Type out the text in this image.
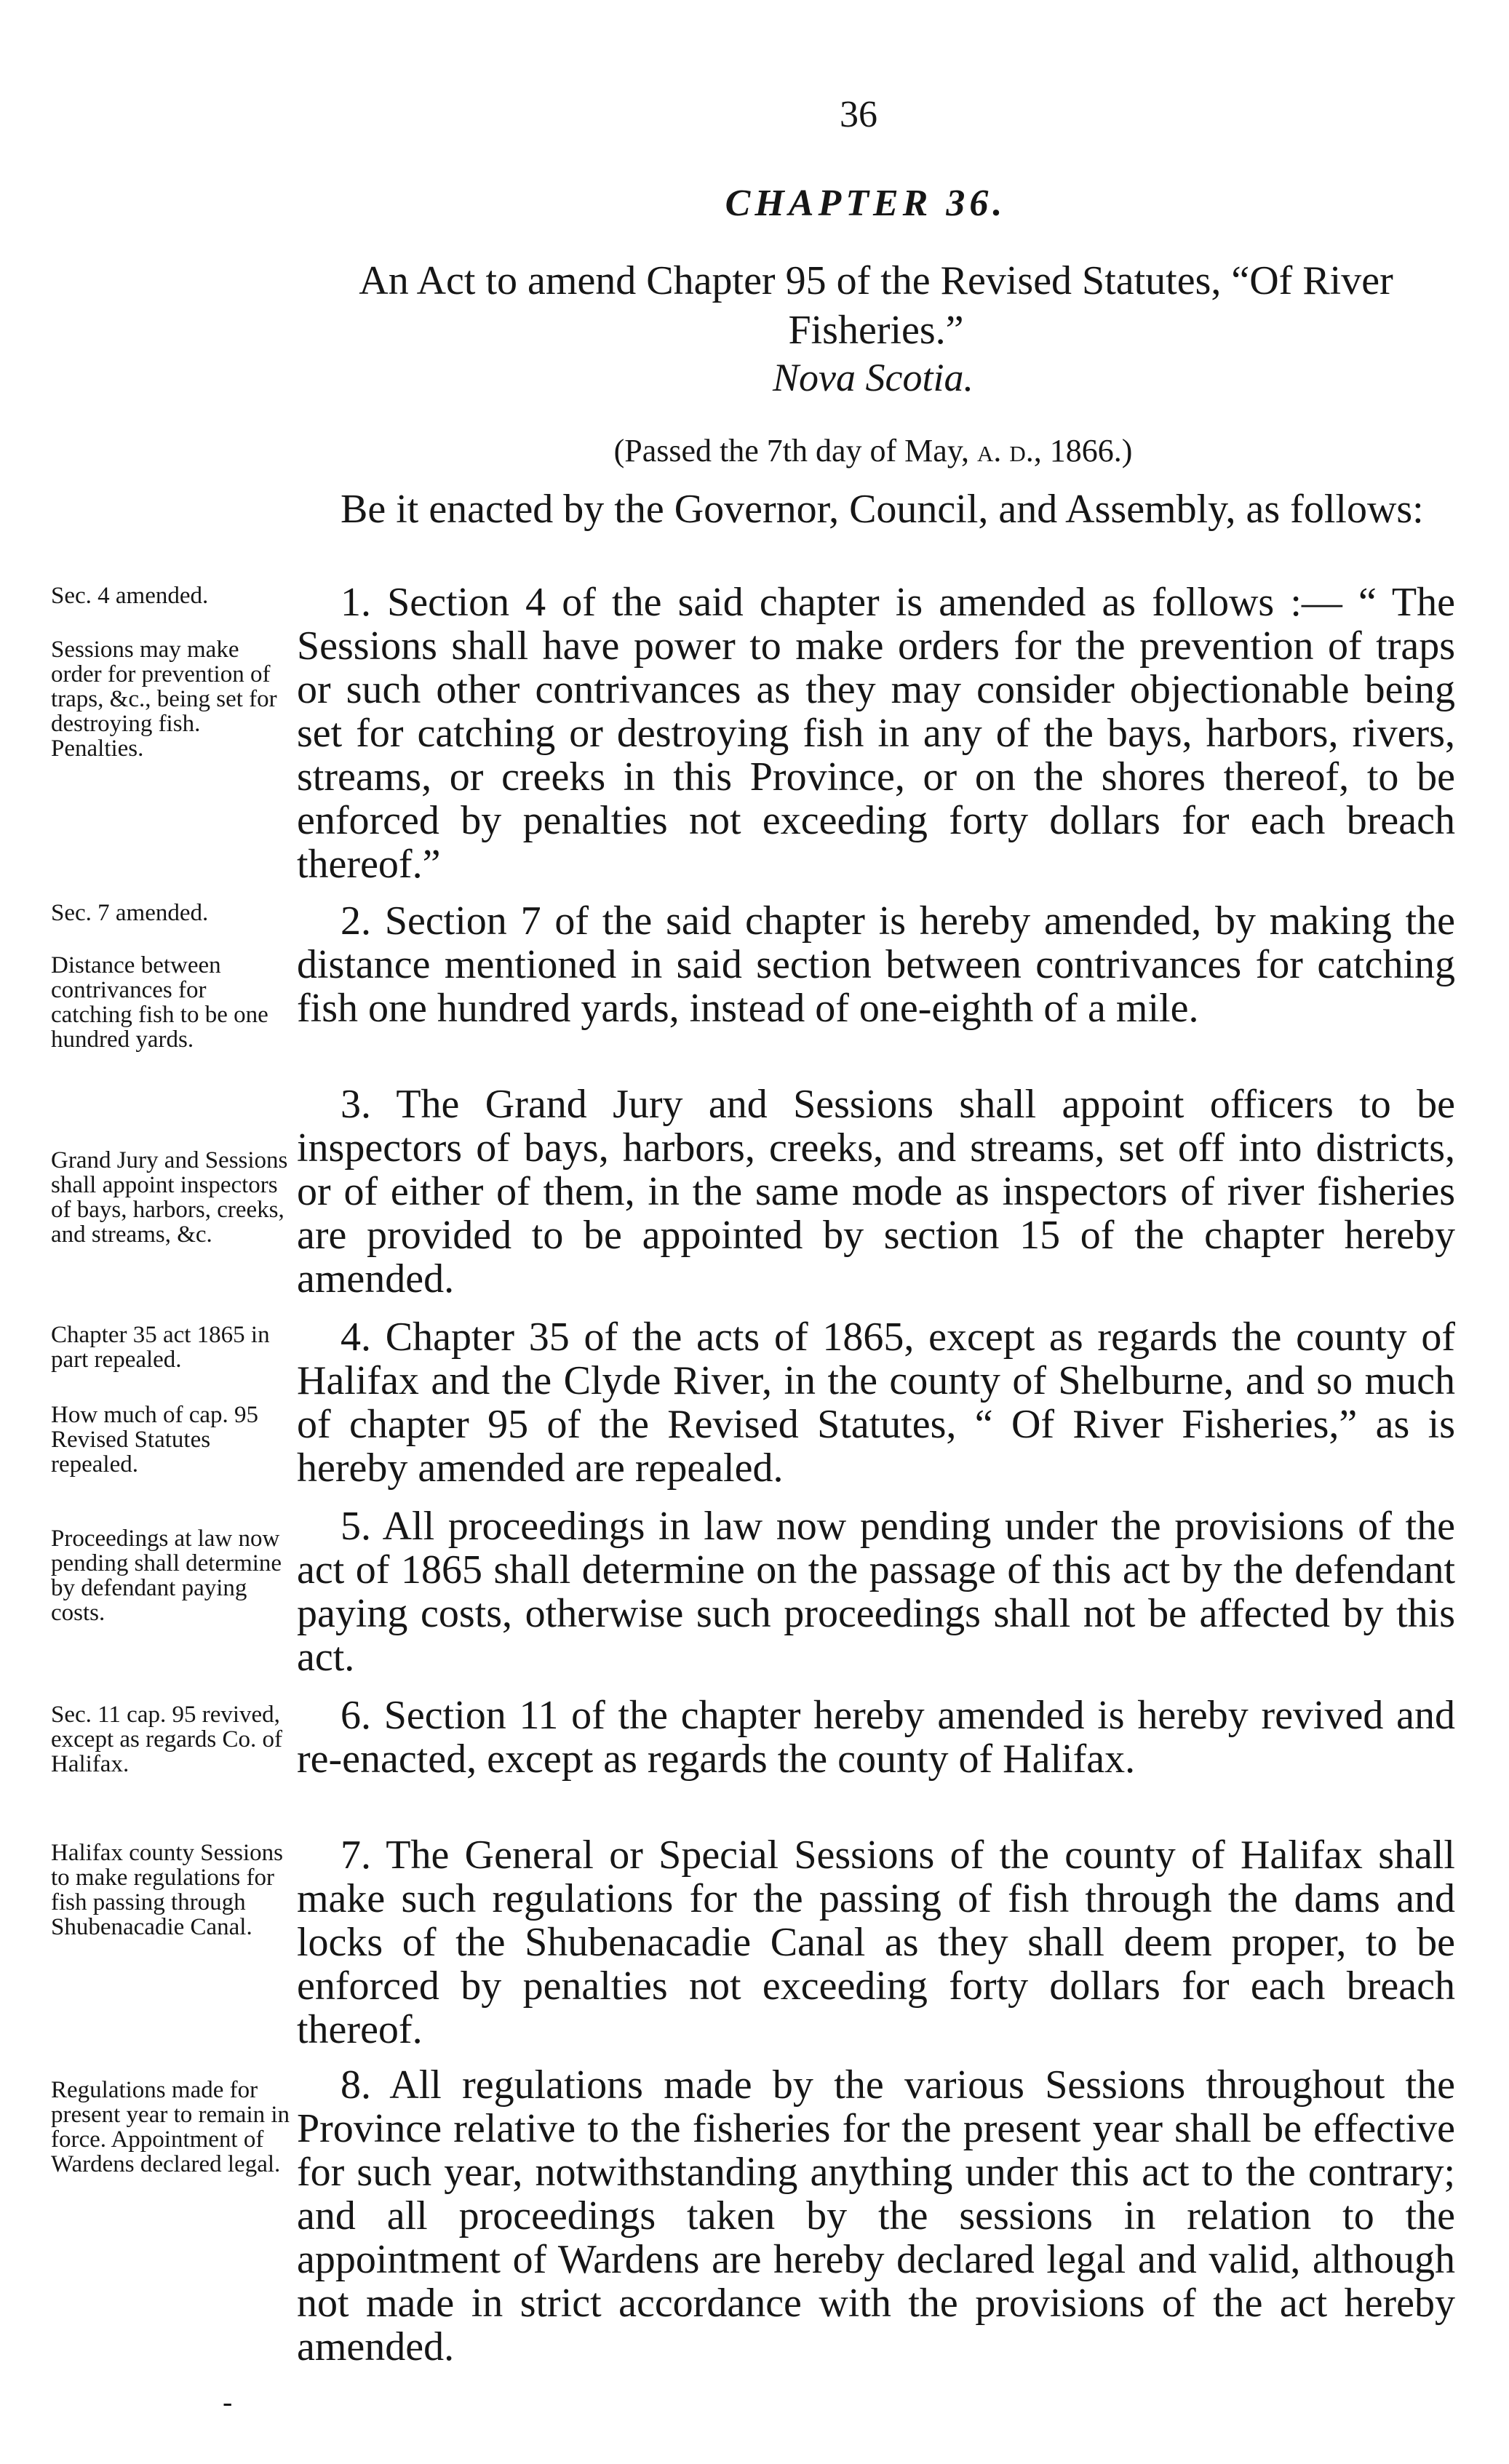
36
CHAPTER 36.
An Act to amend Chapter 95 of the Revised Statutes, “Of River Fisheries.”
Nova Scotia.
(Passed the 7th day of May, a. d., 1866.)

Be it enacted by the Governor, Council, and Assembly, as follows:

1. Section 4 of the said chapter is amended as follows :— “ The Sessions shall have power to make orders for the prevention of traps or such other contrivances as they may consider objectionable being set for catching or destroying fish in any of the bays, harbors, rivers, streams, or creeks in this Province, or on the shores thereof, to be enforced by penalties not exceeding forty dollars for each breach thereof.”

2. Section 7 of the said chapter is hereby amended, by making the distance mentioned in said section between contrivances for catching fish one hundred yards, instead of one-eighth of a mile.

3. The Grand Jury and Sessions shall appoint officers to be inspectors of bays, harbors, creeks, and streams, set off into districts, or of either of them, in the same mode as inspectors of river fisheries are provided to be appointed by section 15 of the chapter hereby amended.

4. Chapter 35 of the acts of 1865, except as regards the county of Halifax and the Clyde River, in the county of Shelburne, and so much of chapter 95 of the Revised Statutes, “ Of River Fisheries,” as is hereby amended are repealed.

5. All proceedings in law now pending under the provisions of the act of 1865 shall determine on the passage of this act by the defendant paying costs, otherwise such proceedings shall not be affected by this act.

6. Section 11 of the chapter hereby amended is hereby revived and re-enacted, except as regards the county of Halifax.

7. The General or Special Sessions of the county of Halifax shall make such regulations for the passing of fish through the dams and locks of the Shubenacadie Canal as they shall deem proper, to be enforced by penalties not exceeding forty dollars for each breach thereof.

8. All regulations made by the various Sessions throughout the Province relative to the fisheries for the present year shall be effective for such year, notwithstanding anything under this act to the contrary; and all proceedings taken by the sessions in relation to the appointment of Wardens are hereby declared legal and valid, although not made in strict accordance with the provisions of the act hereby amended.

Sec. 4 amended.
Sessions may make order for prevention of traps, &c., being set for destroying fish. Penalties.
Sec. 7 amended.
Distance between contrivances for catching fish to be one hundred yards.
Grand Jury and Sessions shall appoint inspectors of bays, harbors, creeks, and streams, &c.
Chapter 35 act 1865 in part repealed.
How much of cap. 95 Revised Statutes repealed.
Proceedings at law now pending shall determine by defendant paying costs.
Sec. 11 cap. 95 revived, except as regards Co. of Halifax.
Halifax county Sessions to make regulations for fish passing through Shubenacadie Canal.
Regulations made for present year to remain in force. Appointment of Wardens declared legal.
-
